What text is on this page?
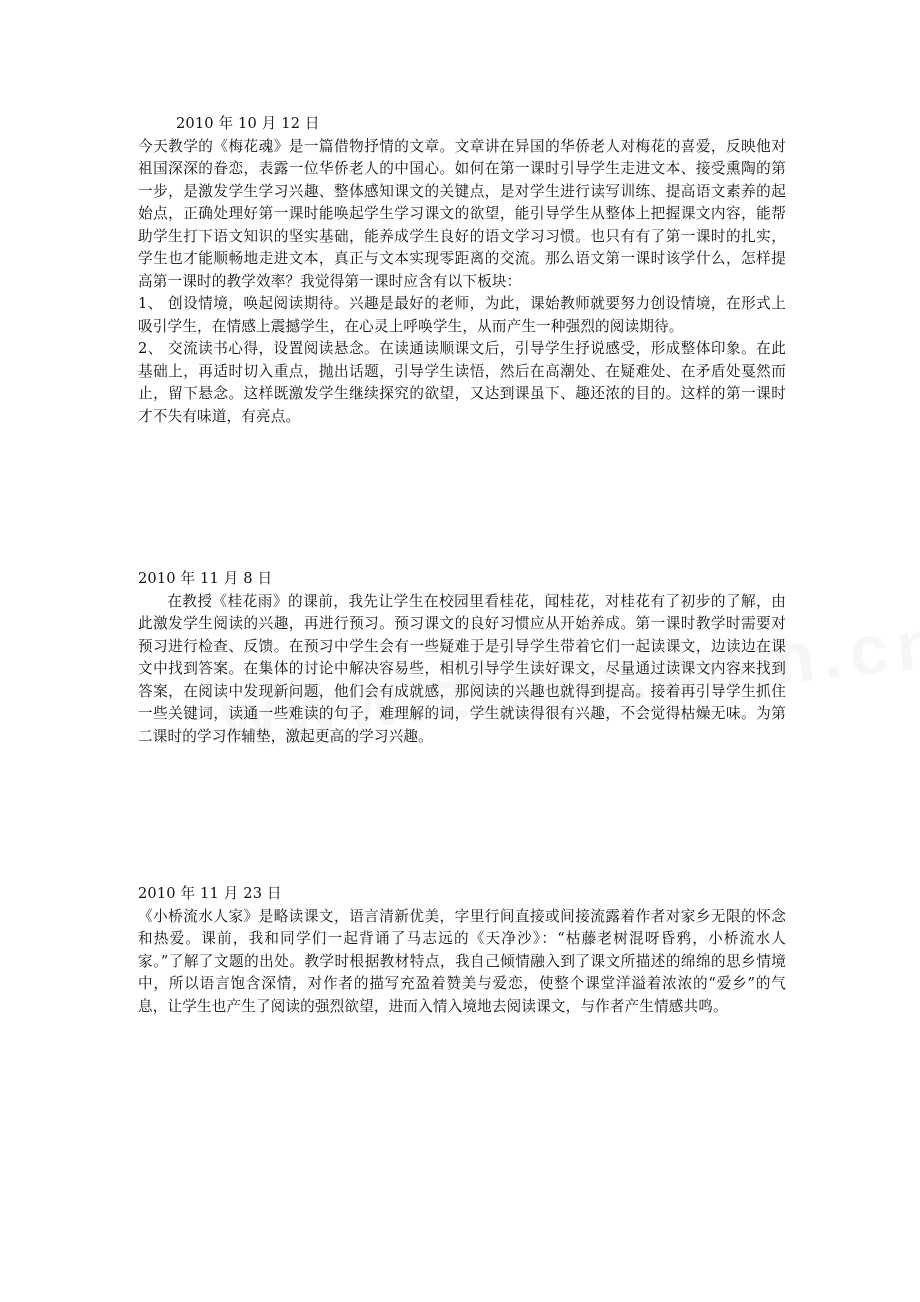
2010 年 10 月 12 日

今天教学的《梅花魂》是一篇借物抒情的文章。文章讲在异国的华侨老人对梅花的喜爱，反映他对祖国深深的眷恋，表露一位华侨老人的中国心。如何在第一课时引导学生走进文本、接受熏陶的第一步，是激发学生学习兴趣、整体感知课文的关键点，是对学生进行读写训练、提高语文素养的起始点，正确处理好第一课时能唤起学生学习课文的欲望，能引导学生从整体上把握课文内容，能帮助学生打下语文知识的坚实基础，能养成学生良好的语文学习习惯。也只有有了第一课时的扎实，学生也才能顺畅地走进文本，真正与文本实现零距离的交流。那么语文第一课时该学什么，怎样提高第一课时的教学效率？我觉得第一课时应含有以下板块：

1、 创设情境，唤起阅读期待。兴趣是最好的老师，为此，课始教师就要努力创设情境，在形式上吸引学生，在情感上震撼学生，在心灵上呼唤学生，从而产生一种强烈的阅读期待。

2、 交流读书心得，设置阅读悬念。在读通读顺课文后，引导学生抒说感受，形成整体印象。在此基础上，再适时切入重点，抛出话题，引导学生读悟，然后在高潮处、在疑难处、在矛盾处戛然而止，留下悬念。这样既激发学生继续探究的欲望，又达到课虽下、趣还浓的目的。这样的第一课时才不失有味道，有亮点。

2010 年 11 月 8 日

在教授《桂花雨》的课前，我先让学生在校园里看桂花，闻桂花，对桂花有了初步的了解，由此激发学生阅读的兴趣，再进行预习。预习课文的良好习惯应从开始养成。第一课时教学时需要对预习进行检查、反馈。在预习中学生会有一些疑难于是引导学生带着它们一起读课文，边读边在课文中找到答案。在集体的讨论中解决容易些，相机引导学生读好课文，尽量通过读课文内容来找到答案，在阅读中发现新问题，他们会有成就感，那阅读的兴趣也就得到提高。接着再引导学生抓住一些关键词，读通一些难读的句子，难理解的词，学生就读得很有兴趣，不会觉得枯燥无味。为第二课时的学习作辅垫，激起更高的学习兴趣。

2010 年 11 月 23 日

《小桥流水人家》是略读课文，语言清新优美，字里行间直接或间接流露着作者对家乡无限的怀念和热爱。课前，我和同学们一起背诵了马志远的《天净沙》：“枯藤老树混呀昏鸦，小桥流水人家。”了解了文题的出处。教学时根据教材特点，我自己倾情融入到了课文所描述的绵绵的思乡情境中，所以语言饱含深情，对作者的描写充盈着赞美与爱恋，使整个课堂洋溢着浓浓的“爱乡”的气息，让学生也产生了阅读的强烈欲望，进而入情入境地去阅读课文，与作者产生情感共鸣。
